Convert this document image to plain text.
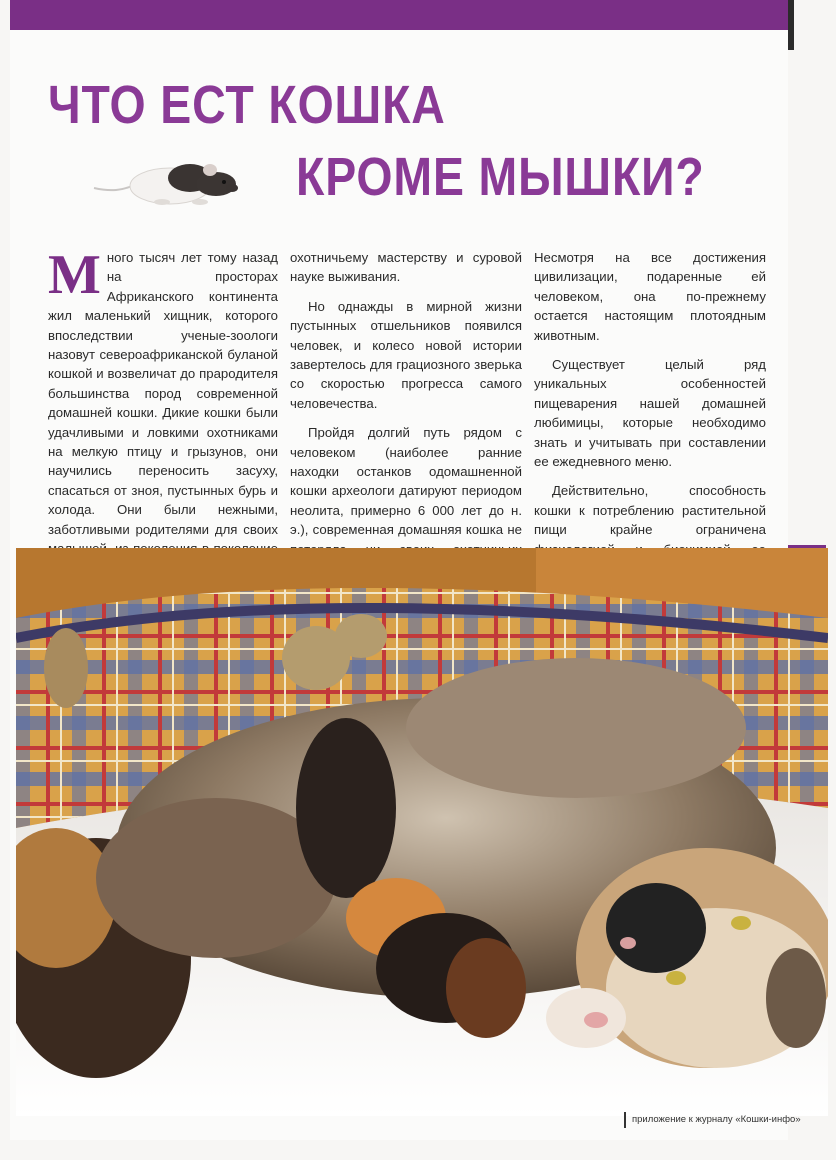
ЧТО ЕСТ КОШКА
КРОМЕ МЫШКИ?

Много тысяч лет тому назад на просторах Африканского континента жил маленький хищник, которого впоследствии ученые-зоологи назовут североафриканской буланой кошкой и возвеличат до прародителя большинства пород современной домашней кошки. Дикие кошки были удачливыми и ловкими охотниками на мелкую птицу и грызунов, они научились переносить засуху, спасаться от зноя, пустынных бурь и холода. Они были нежными, заботливыми родителями для своих

охотничьему мастерству и суровой науке выживания.

Но однажды в мирной жизни пустынных отшельников появился человек, и колесо новой истории завертелось для грациозного зверька со скоростью прогресса самого человечества.

Пройдя долгий путь рядом с человеком (наиболее ранние находки останков одомашненной кошки археологи датируют периодом неолита, примерно 6 000 лет до н. э.), современная домашняя кошка не

Несмотря на все достижения цивилизации, подаренные ей человеком, она по-прежнему остается настоящим плотоядным животным.

Существует целый ряд уникальных особенностей пищеварения нашей домашней любимицы, которые необходимо знать и учитывать при составлении ее ежедневного меню.

Действительно, способность кошки к потреблению растительной пищи крайне ограничена

приложение к журналу «Кошки-инфо»
